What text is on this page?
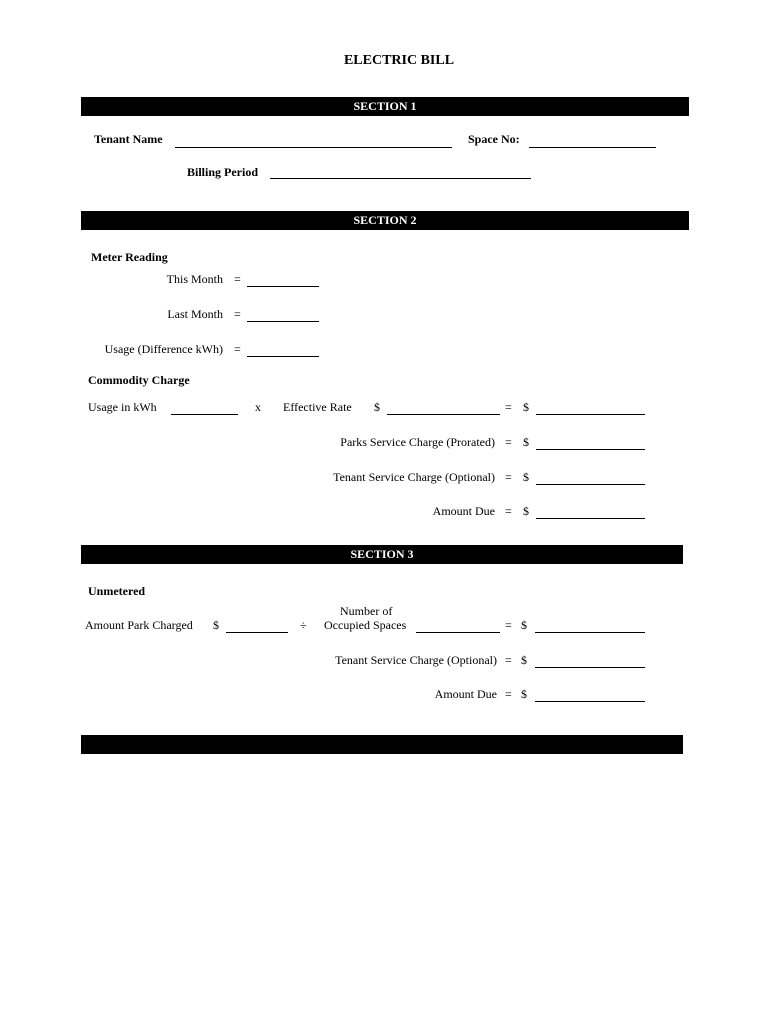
ELECTRIC BILL
SECTION 1
Tenant Name	Space No:
Billing Period
SECTION 2
Meter Reading
This Month =
Last Month =
Usage (Difference kWh) =
Commodity Charge
Usage in kWh	x Effective Rate $	= $
Parks Service Charge (Prorated) = $
Tenant Service Charge (Optional) = $
Amount Due = $
SECTION 3
Unmetered
Amount Park Charged $	÷
Number of
Occupied Spaces	= $
Tenant Service Charge (Optional) = $
Amount Due = $
